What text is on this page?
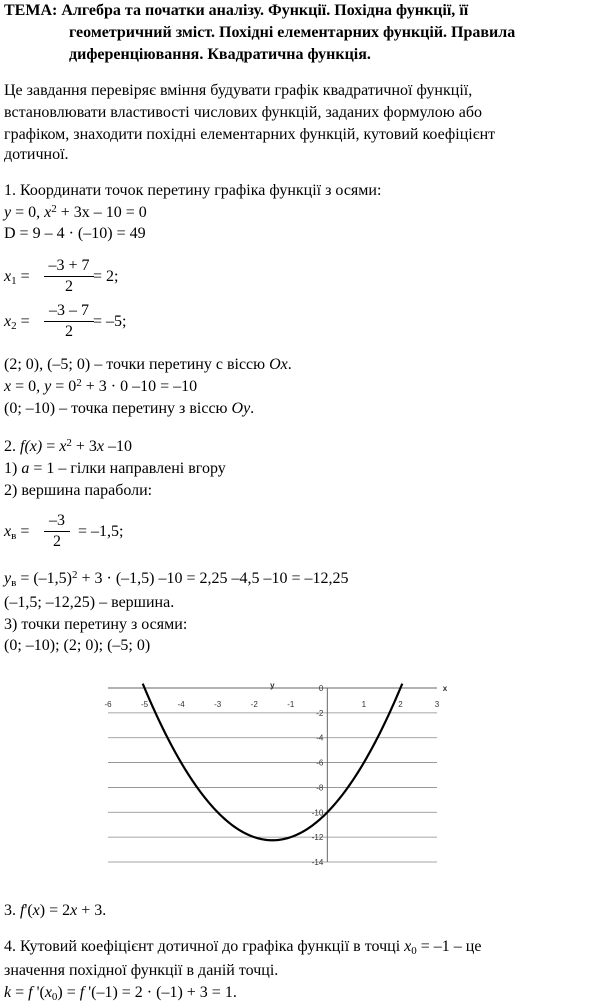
ТЕМА: Алгебра та початки аналізу. Функції. Похідна функції, її
геометричний зміст. Похідні елементарних функцій. Правила
диференціювання. Квадратична функція.
Це завдання перевіряє вміння будувати графік квадратичної функції,
встановлювати властивості числових функцій, заданих формулою або
графіком, знаходити похідні елементарних функцій, кутовий коефіцієнт
дотичної.
1. Координати точок перетину графіка функції з осями:
y = 0, $x^2 + 3x - 10 = 0$
D = 9 – 4 · (–10) = 49
$x_1 = \frac{-3 + 7}{2} = 2$;
$x_2 = \frac{-3 - 7}{2} = -5$;
(2; 0), (–5; 0) – точки перетину с віссю Ox.
x = 0, $y = 0^2 + 3 \cdot 0$ –10 = –10
(0; –10) – точка перетину з віссю Oy.
2. $f(x) = x^2 + 3x$ –10
1) a = 1 – гілки направлені вгору
2) вершина параболи:
$x_в = \frac{-3}{2} = -1,5$;
$y_в = (-1,5)^2 + 3 \cdot (-1,5) -10 = 2,25$ –4,5 –10 = –12,25
(–1,5; –12,25) – вершина.
3) точки перетину з осями:
(0; –10); (2; 0); (–5; 0)
-6	-5	-4	-3	-2	-1	1	2	3
0
-2
-4
-6
-8
-10
-12
-14
x
y
3. f'(x) = 2x + 3.
4. Кутовий коефіцієнт дотичної до графіка функції в точці $x_0 = -1$ – це
значення похідної функції в даній точці.
k = f '$(x_0) = f$ '(–1) = 2 · (–1) + 3 = 1.
